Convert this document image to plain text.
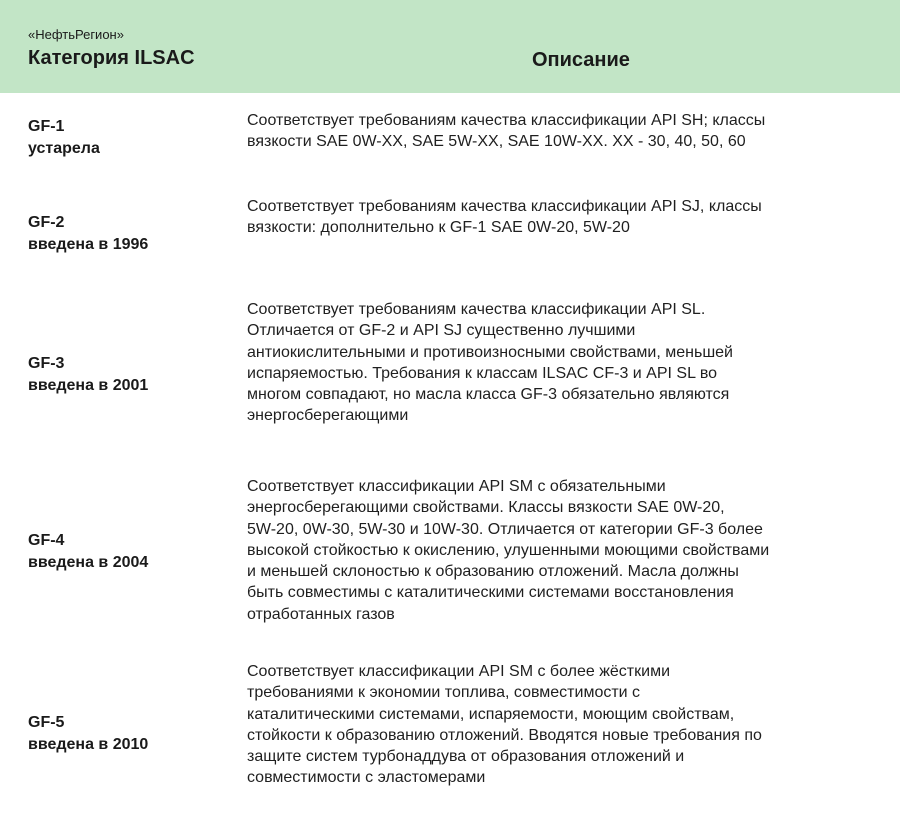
«НефтьРегион»
Категория ILSAC	Описание
GF-1
устарела
Соответствует требованиям качества классификации API SH; классы
вязкости SAE 0W-XX, SAE 5W-XX, SAE 10W-XX. XX - 30, 40, 50, 60
GF-2
введена в 1996
Соответствует требованиям качества классификации API SJ, классы
вязкости: дополнительно к GF-1 SAE 0W-20, 5W-20
GF-3
введена в 2001
Соответствует требованиям качества классификации API SL.
Отличается от GF-2 и API SJ существенно лучшими
антиокислительными и противоизносными свойствами, меньшей
испаряемостью. Требования к классам ILSAC CF-3 и API SL во
многом совпадают, но масла класса GF-3 обязательно являются
энергосберегающими
GF-4
введена в 2004
Соответствует классификации API SM с обязательными
энергосберегающими свойствами. Классы вязкости SAE 0W-20,
5W-20, 0W-30, 5W-30 и 10W-30. Отличается от категории GF-3 более
высокой стойкостью к окислению, улушенными моющими свойствами
и меньшей склоностью к образованию отложений. Масла должны
быть совместимы с каталитическими системами восстановления
отработанных газов
GF-5
введена в 2010
Соответствует классификации API SM с более жёсткими
требованиями к экономии топлива, совместимости с
каталитическими системами, испаряемости, моющим свойствам,
стойкости к образованию отложений. Вводятся новые требования по
защите систем турбонаддува от образования отложений и
совместимости с эластомерами
